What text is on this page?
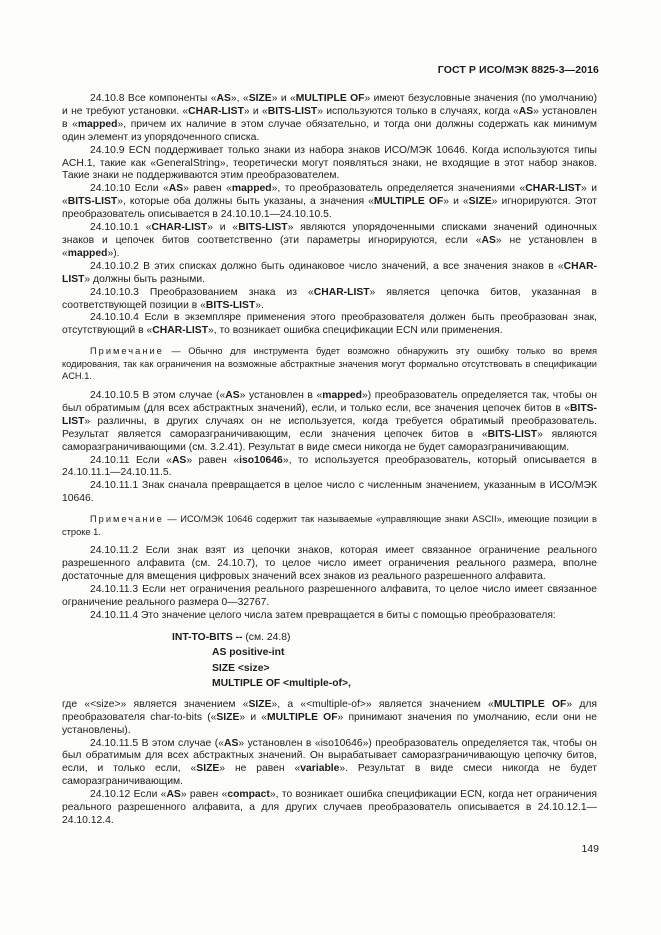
ГОСТ Р ИСО/МЭК 8825-3—2016

24.10.8 Все компоненты «AS», «SIZE» и «MULTIPLE OF» имеют безусловные значения (по умолчанию) и не требуют установки. «CHAR-LIST» и «BITS-LIST» используются только в случаях, когда «AS» установлен в «mapped», причем их наличие в этом случае обязательно, и тогда они должны содержать как минимум один элемент из упорядоченного списка.

24.10.9 ECN поддерживает только знаки из набора знаков ИСО/МЭК 10646. Когда используются типы ACH.1, такие как «GeneralString», теоретически могут появляться знаки, не входящие в этот набор знаков. Такие знаки не поддерживаются этим преобразователем.

24.10.10 Если «AS» равен «mapped», то преобразователь определяется значениями «CHAR-LIST» и «BITS-LIST», которые оба должны быть указаны, а значения «MULTIPLE OF» и «SIZE» игнорируются. Этот преобразователь описывается в 24.10.10.1—24.10.10.5.

24.10.10.1 «CHAR-LIST» и «BITS-LIST» являются упорядоченными списками значений одиночных знаков и цепочек битов соответственно (эти параметры игнорируются, если «AS» не установлен в «mapped»).

24.10.10.2 В этих списках должно быть одинаковое число значений, а все значения знаков в «CHAR-LIST» должны быть разными.

24.10.10.3 Преобразованием знака из «CHAR-LIST» является цепочка битов, указанная в соответствующей позиции в «BITS-LIST».

24.10.10.4 Если в экземпляре применения этого преобразователя должен быть преобразован знак, отсутствующий в «CHAR-LIST», то возникает ошибка спецификации ECN или применения.

Примечание — Обычно для инструмента будет возможно обнаружить эту ошибку только во время кодирования, так как ограничения на возможные абстрактные значения могут формально отсутствовать в спецификации ACH.1.

24.10.10.5 В этом случае («AS» установлен в «mapped») преобразователь определяется так, чтобы он был обратимым (для всех абстрактных значений), если, и только если, все значения цепочек битов в «BITS-LIST» различны, в других случаях он не используется, когда требуется обратимый преобразователь. Результат является саморазграничивающим, если значения цепочек битов в «BITS-LIST» являются саморазграничивающими (см. 3.2.41). Результат в виде смеси никогда не будет саморазграничивающим.

24.10.11 Если «AS» равен «iso10646», то используется преобразователь, который описывается в 24.10.11.1—24.10.11.5.

24.10.11.1 Знак сначала превращается в целое число с численным значением, указанным в ИСО/МЭК 10646.

Примечание — ИСО/МЭК 10646 содержит так называемые «управляющие знаки ASCII», имеющие позиции в строке 1.

24.10.11.2 Если знак взят из цепочки знаков, которая имеет связанное ограничение реального разрешенного алфавита (см. 24.10.7), то целое число имеет ограничения реального размера, вполне достаточные для вмещения цифровых значений всех знаков из реального разрешенного алфавита.

24.10.11.3 Если нет ограничения реального разрешенного алфавита, то целое число имеет связанное ограничение реального размера 0—32767.

24.10.11.4 Это значение целого числа затем превращается в биты с помощью преобразователя:

INT-TO-BITS -- (см. 24.8)
AS positive-int
SIZE <size>
MULTIPLE OF <multiple-of>,

где «<size>» является значением «SIZE», а «<multiple-of>» является значением «MULTIPLE OF» для преобразователя char-to-bits («SIZE» и «MULTIPLE OF» принимают значения по умолчанию, если они не установлены).

24.10.11.5 В этом случае («AS» установлен в «iso10646») преобразователь определяется так, чтобы он был обратимым для всех абстрактных значений. Он вырабатывает саморазграничивающую цепочку битов, если, и только если, «SIZE» не равен «variable». Результат в виде смеси никогда не будет саморазграничивающим.

24.10.12 Если «AS» равен «compact», то возникает ошибка спецификации ECN, когда нет ограничения реального разрешенного алфавита, а для других случаев преобразователь описывается в 24.10.12.1—24.10.12.4.

149
